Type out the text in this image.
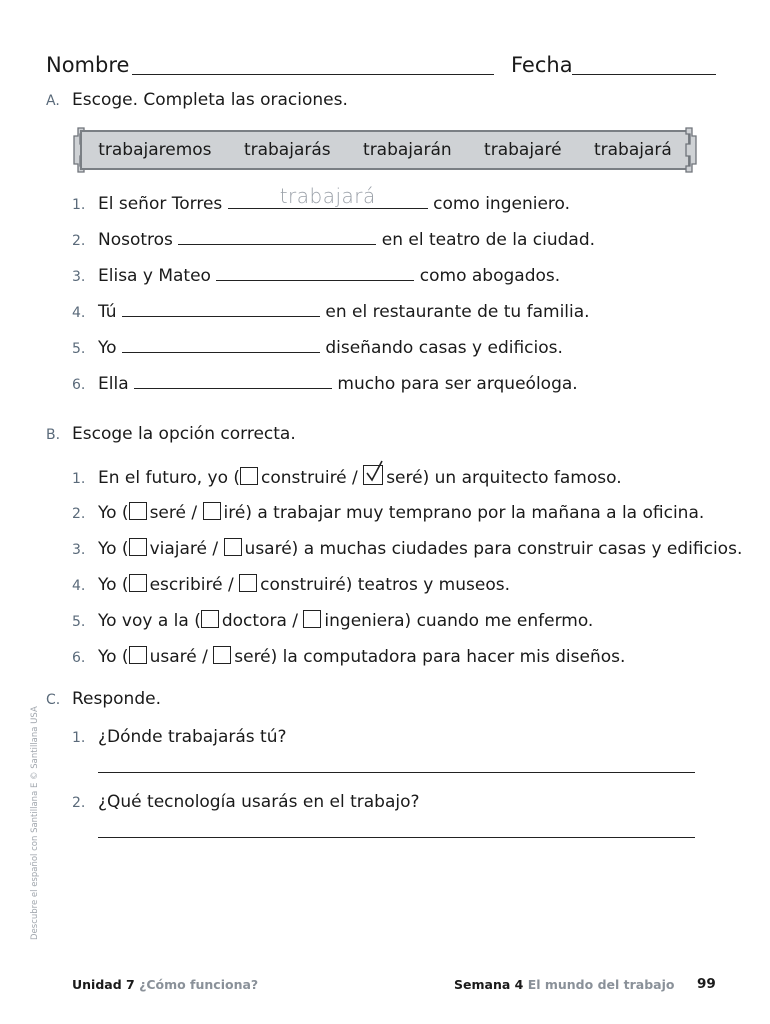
Nombre	Fecha
A. Escoge. Completa las oraciones.
trabajaremos trabajarás trabajarán trabajaré trabajará
1. El señor Torres	trabajará	como ingeniero.
2. Nosotros	en el teatro de la ciudad.
3. Elisa y Mateo	como abogados.
4. Tú	en el restaurante de tu familia.
5. Yo	diseñando casas y edificios.
6. Ella	mucho para ser arqueóloga.
B. Escoge la opción correcta.
1. En el futuro, yo ( construiré / seré) un arquitecto famoso.
2. Yo ( seré / iré) a trabajar muy temprano por la mañana a la oficina.
3. Yo ( viajaré / usaré) a muchas ciudades para construir casas y edificios.
4. Yo ( escribiré / construiré) teatros y museos.
5. Yo voy a la ( doctora / ingeniera) cuando me enfermo.
6. Yo ( usaré / seré) la computadora para hacer mis diseños.
C. Responde.
1. ¿Dónde trabajarás tú?
2. ¿Qué tecnología usarás en el trabajo?
Descubre el español con Santillana E © Santillana USA
Unidad 7 ¿Cómo funciona?	Semana 4 El mundo del trabajo 99
